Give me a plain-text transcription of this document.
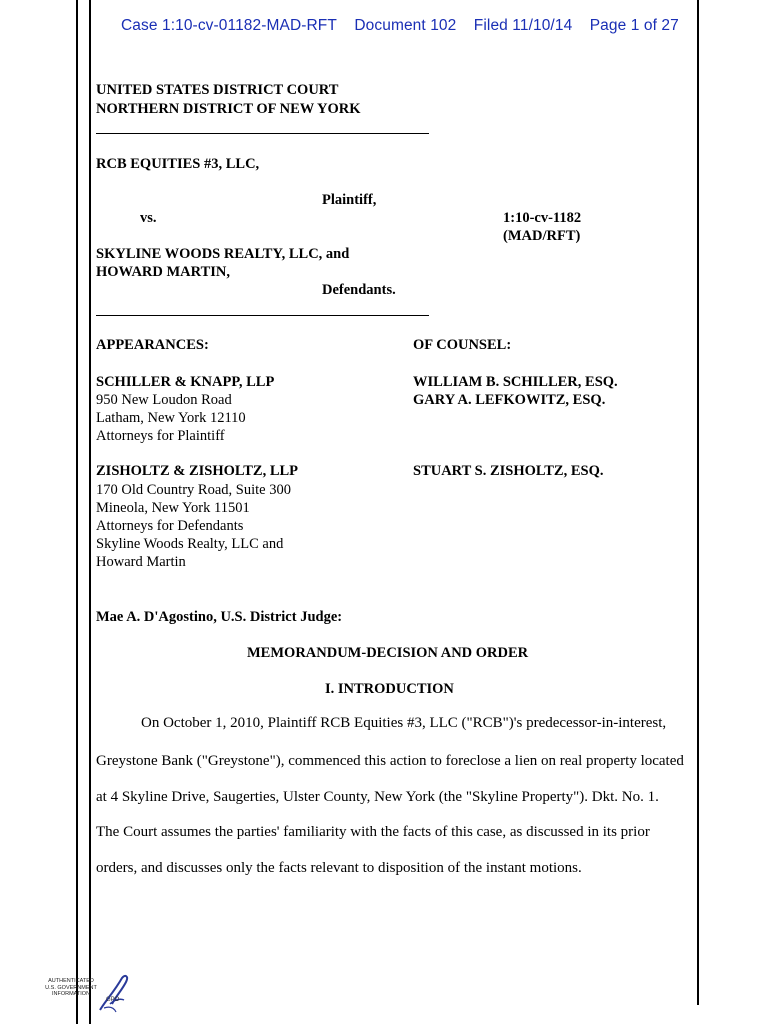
Case 1:10-cv-01182-MAD-RFT Document 102 Filed 11/10/14 Page 1 of 27
UNITED STATES DISTRICT COURT
NORTHERN DISTRICT OF NEW YORK
RCB EQUITIES #3, LLC,
Plaintiff,
vs.	1:10-cv-1182
(MAD/RFT)
SKYLINE WOODS REALTY, LLC, and
HOWARD MARTIN,
Defendants.
APPEARANCES:	OF COUNSEL:
SCHILLER & KNAPP, LLP
950 New Loudon Road
Latham, New York 12110
Attorneys for Plaintiff
WILLIAM B. SCHILLER, ESQ.
GARY A. LEFKOWITZ, ESQ.
ZISHOLTZ & ZISHOLTZ, LLP
170 Old Country Road, Suite 300
Mineola, New York 11501
Attorneys for Defendants
Skyline Woods Realty, LLC and
Howard Martin
STUART S. ZISHOLTZ, ESQ.
Mae A. D'Agostino, U.S. District Judge:
MEMORANDUM-DECISION AND ORDER
I. INTRODUCTION
On October 1, 2010, Plaintiff RCB Equities #3, LLC ("RCB")'s predecessor-in-interest,
Greystone Bank ("Greystone"), commenced this action to foreclose a lien on real property located
at 4 Skyline Drive, Saugerties, Ulster County, New York (the "Skyline Property"). Dkt. No. 1.
The Court assumes the parties' familiarity with the facts of this case, as discussed in its prior
orders, and discusses only the facts relevant to disposition of the instant motions.
AUTHENTICATED
U.S. GOVERNMENT
INFORMATION
GPO
